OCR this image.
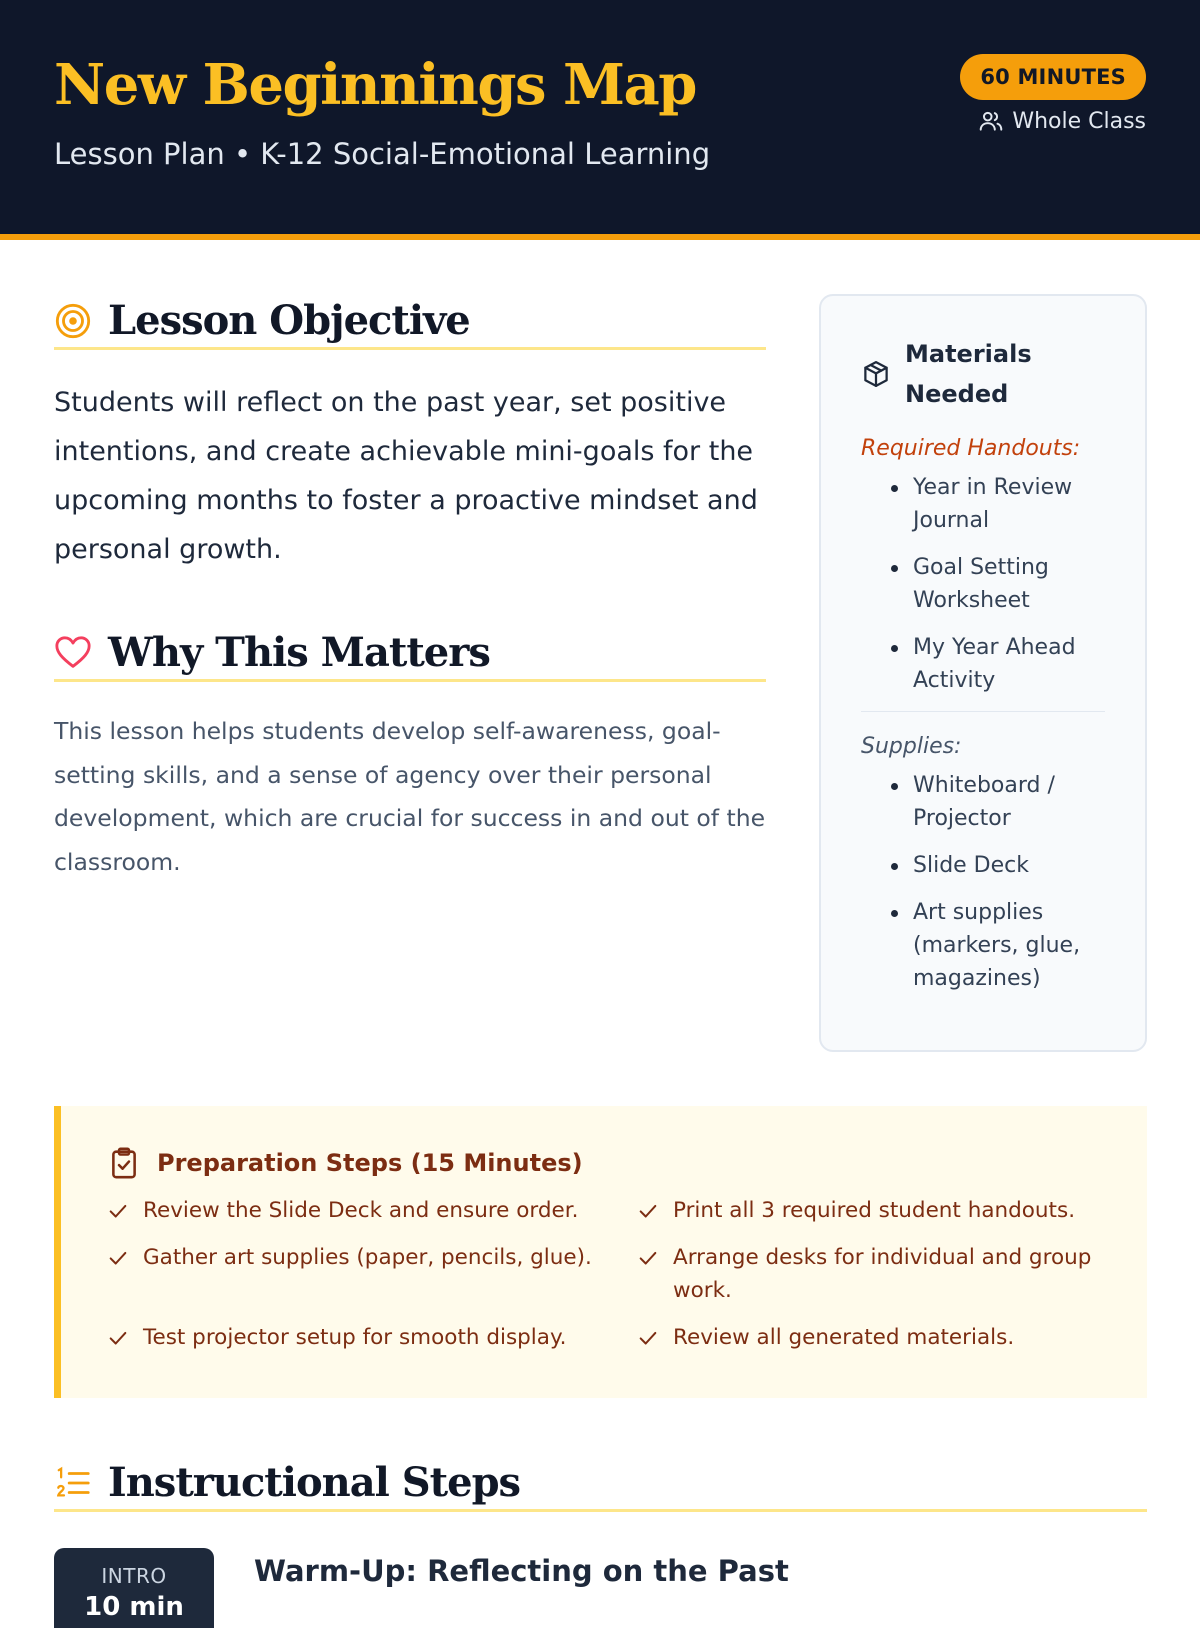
New Beginnings Map
Lesson Plan • K-12 Social-Emotional Learning
60 MINUTES
Whole Class
Lesson Objective

Students will reflect on the past year, set positive intentions, and create achievable mini-goals for the upcoming months to foster a proactive mindset and personal growth.

Why This Matters

This lesson helps students develop self-awareness, goal-setting skills, and a sense of agency over their personal development, which are crucial for success in and out of the classroom.

Materials Needed
Required Handouts:
Year in Review Journal
Goal Setting Worksheet
My Year Ahead Activity
Supplies:
Whiteboard / Projector
Slide Deck
Art supplies (markers, glue, magazines)
Preparation Steps (15 Minutes)
Review the Slide Deck and ensure order.	Print all 3 required student handouts.
Gather art supplies (paper, pencils, glue).	Arrange desks for individual and group work.
Test projector setup for smooth display.	Review all generated materials.
Instructional Steps
INTRO
10 min
Warm-Up: Reflecting on the Past
